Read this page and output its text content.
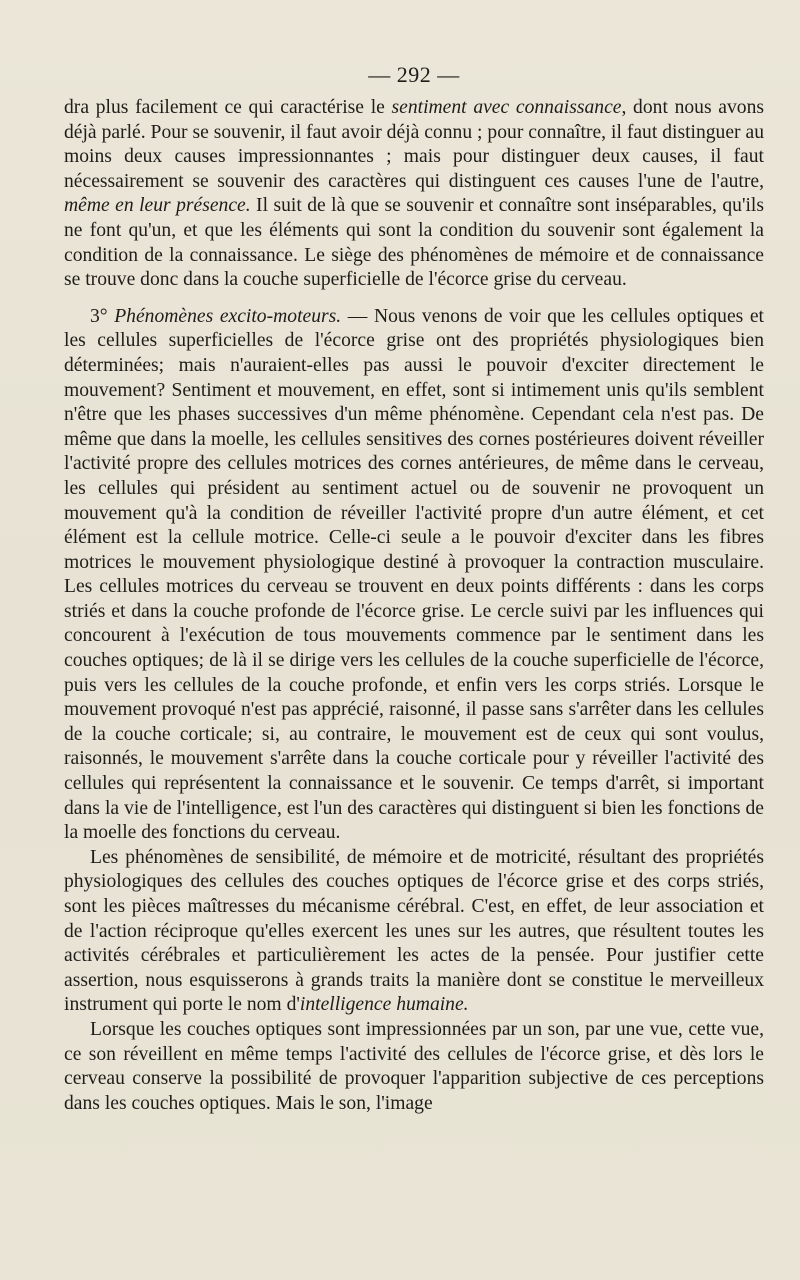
— 292 —

dra plus facilement ce qui caractérise le sentiment avec connaissance, dont nous avons déjà parlé. Pour se souvenir, il faut avoir déjà connu ; pour connaître, il faut distinguer au moins deux causes impressionnantes ; mais pour distinguer deux causes, il faut nécessairement se souvenir des caractères qui distinguent ces causes l'une de l'autre, même en leur présence. Il suit de là que se souvenir et connaître sont inséparables, qu'ils ne font qu'un, et que les éléments qui sont la condition du souvenir sont également la condition de la connaissance. Le siège des phénomènes de mémoire et de connaissance se trouve donc dans la couche superficielle de l'écorce grise du cerveau.

3° Phénomènes excito-moteurs. — Nous venons de voir que les cellules optiques et les cellules superficielles de l'écorce grise ont des propriétés physiologiques bien déterminées; mais n'auraient-elles pas aussi le pouvoir d'exciter directement le mouvement? Sentiment et mouvement, en effet, sont si intimement unis qu'ils semblent n'être que les phases successives d'un même phénomène. Cependant cela n'est pas. De même que dans la moelle, les cellules sensitives des cornes postérieures doivent réveiller l'activité propre des cellules motrices des cornes antérieures, de même dans le cerveau, les cellules qui président au sentiment actuel ou de souvenir ne provoquent un mouvement qu'à la condition de réveiller l'activité propre d'un autre élément, et cet élément est la cellule motrice. Celle-ci seule a le pouvoir d'exciter dans les fibres motrices le mouvement physiologique destiné à provoquer la contraction musculaire. Les cellules motrices du cerveau se trouvent en deux points différents : dans les corps striés et dans la couche profonde de l'écorce grise. Le cercle suivi par les influences qui concourent à l'exécution de tous mouvements commence par le sentiment dans les couches optiques; de là il se dirige vers les cellules de la couche superficielle de l'écorce, puis vers les cellules de la couche profonde, et enfin vers les corps striés. Lorsque le mouvement provoqué n'est pas apprécié, raisonné, il passe sans s'arrêter dans les cellules de la couche corticale; si, au contraire, le mouvement est de ceux qui sont voulus, raisonnés, le mouvement s'arrête dans la couche corticale pour y réveiller l'activité des cellules qui représentent la connaissance et le souvenir. Ce temps d'arrêt, si important dans la vie de l'intelligence, est l'un des caractères qui distinguent si bien les fonctions de la moelle des fonctions du cerveau.

Les phénomènes de sensibilité, de mémoire et de motricité, résultant des propriétés physiologiques des cellules des couches optiques de l'écorce grise et des corps striés, sont les pièces maîtresses du mécanisme cérébral. C'est, en effet, de leur association et de l'action réciproque qu'elles exercent les unes sur les autres, que résultent toutes les activités cérébrales et particulièrement les actes de la pensée. Pour justifier cette assertion, nous esquisserons à grands traits la manière dont se constitue le merveilleux instrument qui porte le nom d'intelligence humaine.

Lorsque les couches optiques sont impressionnées par un son, par une vue, cette vue, ce son réveillent en même temps l'activité des cellules de l'écorce grise, et dès lors le cerveau conserve la possibilité de provoquer l'apparition subjective de ces perceptions dans les couches optiques. Mais le son, l'image
